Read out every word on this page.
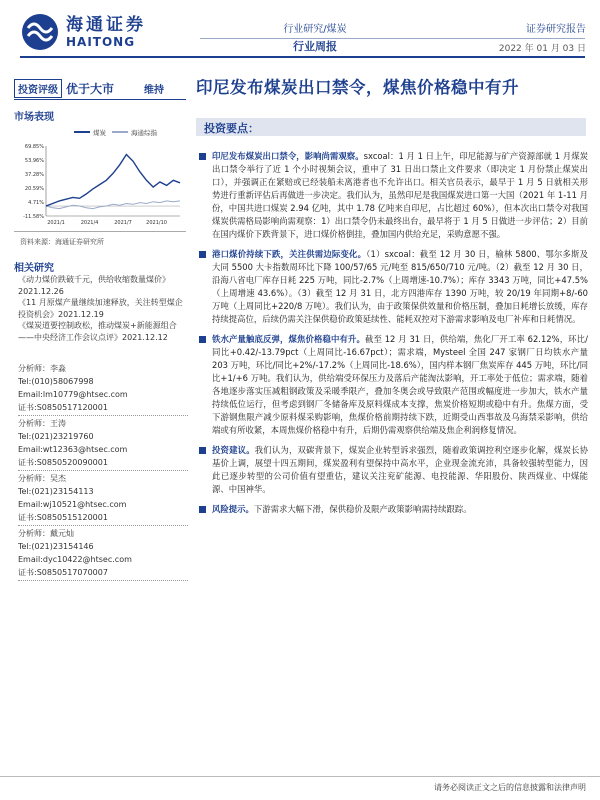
海通证券
HAITONG
行业研究/煤炭
行业周报
证券研究报告
2022 年 01 月 03 日
投资评级 优于大市	维持 印尼发布煤炭出口禁令，煤焦价格稳中有升
市场表现
煤炭	海通综指
69.85%
53.96%
37.28%
20.59%
4.71%
-11.58%
2021/1	2021/4	2021/7	2021/10
资料来源：海通证券研究所
相关研究
《动力煤价跌破千元，供给收缩数量煤价》2021.12.26
《11 月原煤产量继续加速释放，关注转型煤企投资机会》2021.12.19
《煤炭道要控制政松，推动煤炭+新能源组合——中央经济工作会议点评》2021.12.12
分析师：李淼
Tel:(010)58067998
Email:lm10779@htsec.com
证书:S0850517120001
分析师：王涛
Tel:(021)23219760
Email:wt12363@htsec.com
证书:S0850520090001
分析师：吴杰
Tel:(021)23154113
Email:wj10521@htsec.com
证书:S0850515120001
分析师：戴元灿
Tel:(021)23154146
Email:dyc10422@htsec.com
证书:S0850517070007
投资要点：
印尼发布煤炭出口禁令，影响尚需观察。sxcoal：1 月 1 日上午，印尼能源与矿产资源部就 1 月煤炭出口禁令举行了近 1 个小时视频会议，重申了 31 日出口禁止文件要求（即决定 1 月份禁止煤炭出口），并强调正在紧赔或已经装船未离港者也不允许出口。相关官员表示，最早于 1 月 5 日就相关形势进行重新评估后再做进一步决定。我们认为，虽然印尼是我国煤炭进口第一大国（2021 年 1-11 月份，中国共进口煤炭 2.94 亿吨，其中 1.78 亿吨来自印尼，占比超过 60%），但本次出口禁令对我国煤炭供需格局影响尚需观察：1）出口禁令仍未最终出台，最早将于 1 月 5 日做进一步评估；2）目前在国内煤价下跌背景下，进口煤价格倒挂，叠加国内供给充足，采购意愿不强。
港口煤价持续下跌，关注供需边际变化。（1）sxcoal：截至 12 月 30 日，榆林 5800、鄂尔多斯及大同 5500 大卡指数周环比下降 100/57/65 元/吨至 815/650/710 元/吨。（2）截至 12 月 30 日，沿海八省电厂库存日耗 225 万吨，同比-2.7%（上周增速-10.7%）；库存 3343 万吨，同比+47.5%（上周增速 43.6%）。（3）截至 12 月 31 日，北方四港库存 1390 万吨，较 20/19 年同期+8/-60 万吨（上周同比+220/8 万吨）。我们认为，由于政策保供效量和价格压制，叠加日耗增长放缓，库存持续提高位，后续仍需关注保供稳价政策延续性、能耗双控对下游需求影响及电厂补库和日耗情况。
铁水产量触底反弹，煤焦价格稳中有升。截至 12 月 31 日，供给端，焦化厂开工率 62.12%，环比/同比+0.42/-13.79pct（上周同比-16.67pct）；需求端，Mysteel 全国 247 家钢厂日均铁水产量 203 万吨，环比/同比+2%/-17.2%（上周同比-18.6%），国内样本钢厂焦炭库存 445 万吨，环比/同比+1/+6 万吨。我们认为，供给端受环保压力及落后产能淘汰影响，开工率处于低位；需求端，随着各地逐步落实压减粗钢政策及采暖季限产，叠加冬奥会或导致限产范围或幅度进一步加大，铁水产量持续低位运行，但考虑到钢厂冬储备库及原料煤成本支撑，焦炭价格短期或稳中有升。焦煤方面，受下游钢焦限产减少原料煤采购影响，焦煤价格前期持续下跌，近期受山西事故及乌海禁采影响，供给端或有所收紧，本周焦煤价格稳中有升，后期仍需观察供给端及焦企利润修复情况。
投资建议。我们认为，双碳背景下，煤炭企业转型诉求强烈，随着政策调控利空逐步化解，煤炭长协基价上调，展望十四五期间，煤炭盈利有望保持中高水平，企业现金流充沛，具备较强转型能力，因此已逐步转型的公司价值有望重估，建议关注兖矿能源、电投能源、华阳股份、陕西煤业、中煤能源、中国神华。
风险提示。下游需求大幅下滑，保供稳价及限产政策影响需持续跟踪。
请务必阅读正文之后的信息披露和法律声明
